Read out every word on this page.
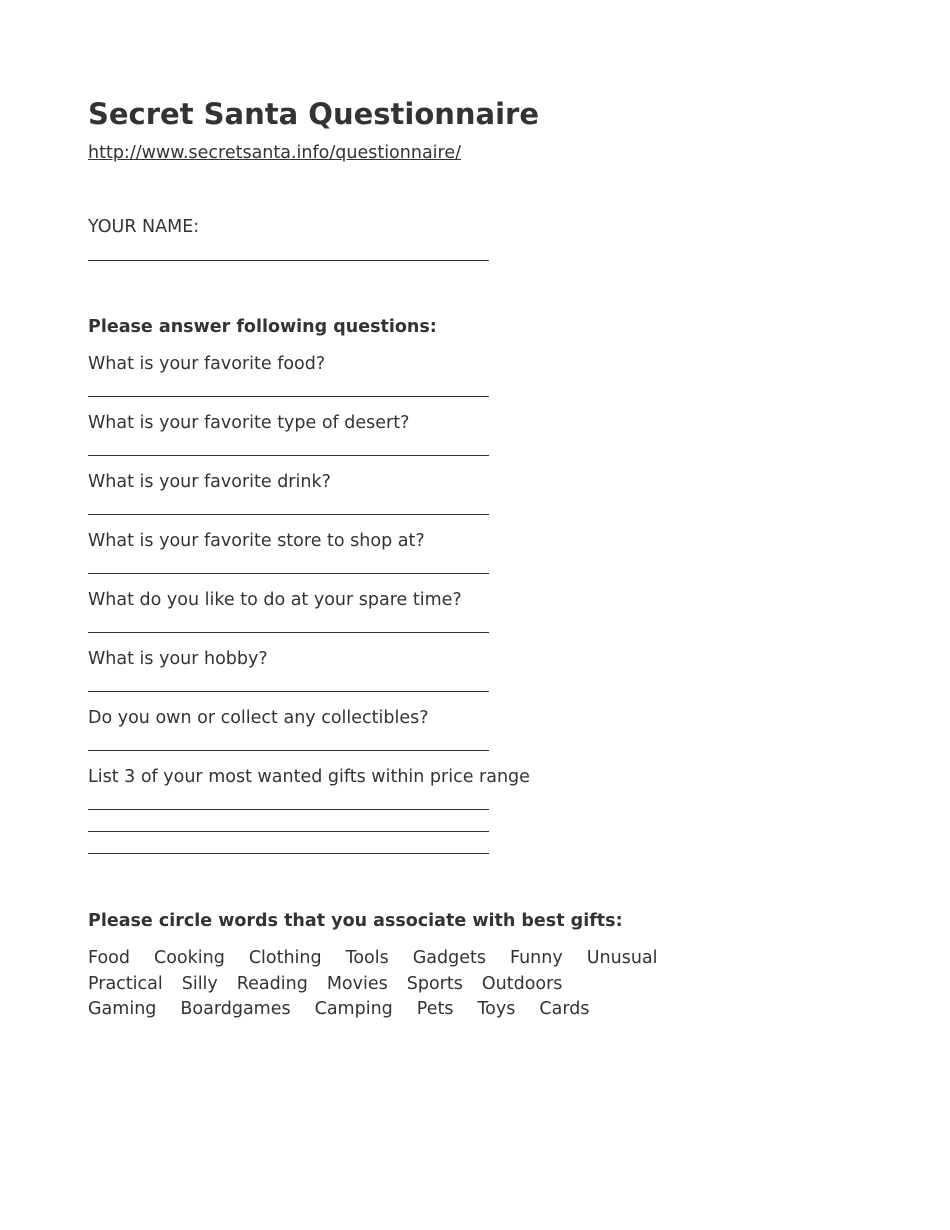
Secret Santa Questionnaire
http://www.secretsanta.info/questionnaire/
YOUR NAME:
Please answer following questions:
What is your favorite food?
What is your favorite type of desert?
What is your favorite drink?
What is your favorite store to shop at?
What do you like to do at your spare time?
What is your hobby?
Do you own or collect any collectibles?
List 3 of your most wanted gifts within price range
Please circle words that you associate with best gifts:
Food Cooking Clothing Tools Gadgets Funny Unusual
Practical Silly Reading Movies Sports Outdoors
Gaming Boardgames Camping Pets Toys Cards
